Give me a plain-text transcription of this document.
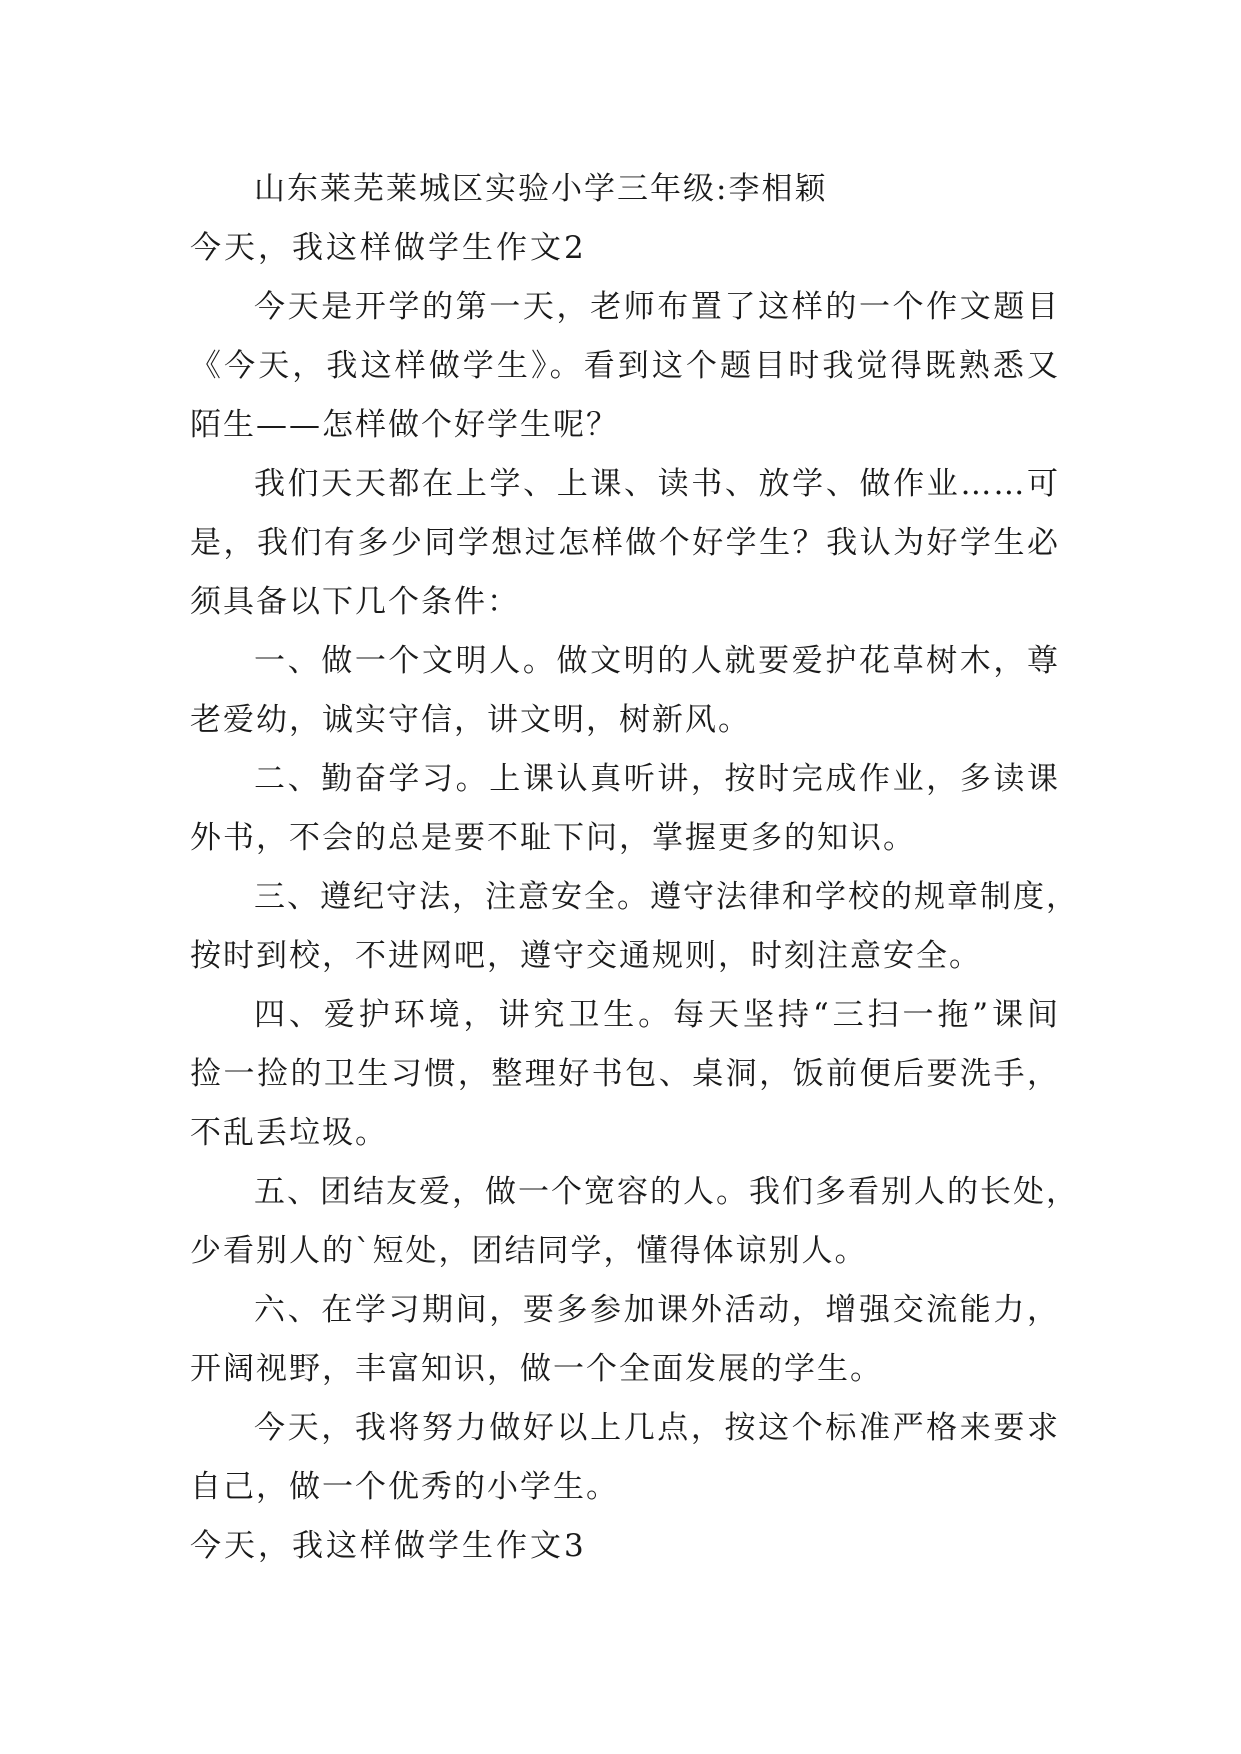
山东莱芜莱城区实验小学三年级:李相颖
今天，我这样做学生作文2
今天是开学的第一天，老师布置了这样的一个作文题目
《今天，我这样做学生》。看到这个题目时我觉得既熟悉又
陌生——怎样做个好学生呢？
我们天天都在上学、上课、读书、放学、做作业……可
是，我们有多少同学想过怎样做个好学生？我认为好学生必
须具备以下几个条件：
一、做一个文明人。做文明的人就要爱护花草树木，尊
老爱幼，诚实守信，讲文明，树新风。
二、勤奋学习。上课认真听讲，按时完成作业，多读课
外书，不会的总是要不耻下问，掌握更多的知识。
三、遵纪守法，注意安全。遵守法律和学校的规章制度，
按时到校，不进网吧，遵守交通规则，时刻注意安全。
四、爱护环境，讲究卫生。每天坚持“三扫一拖”课间
捡一捡的卫生习惯，整理好书包、桌洞，饭前便后要洗手，
不乱丢垃圾。
五、团结友爱，做一个宽容的人。我们多看别人的长处，
少看别人的`短处，团结同学，懂得体谅别人。
六、在学习期间，要多参加课外活动，增强交流能力，
开阔视野，丰富知识，做一个全面发展的学生。
今天，我将努力做好以上几点，按这个标准严格来要求
自己，做一个优秀的小学生。
今天，我这样做学生作文3
